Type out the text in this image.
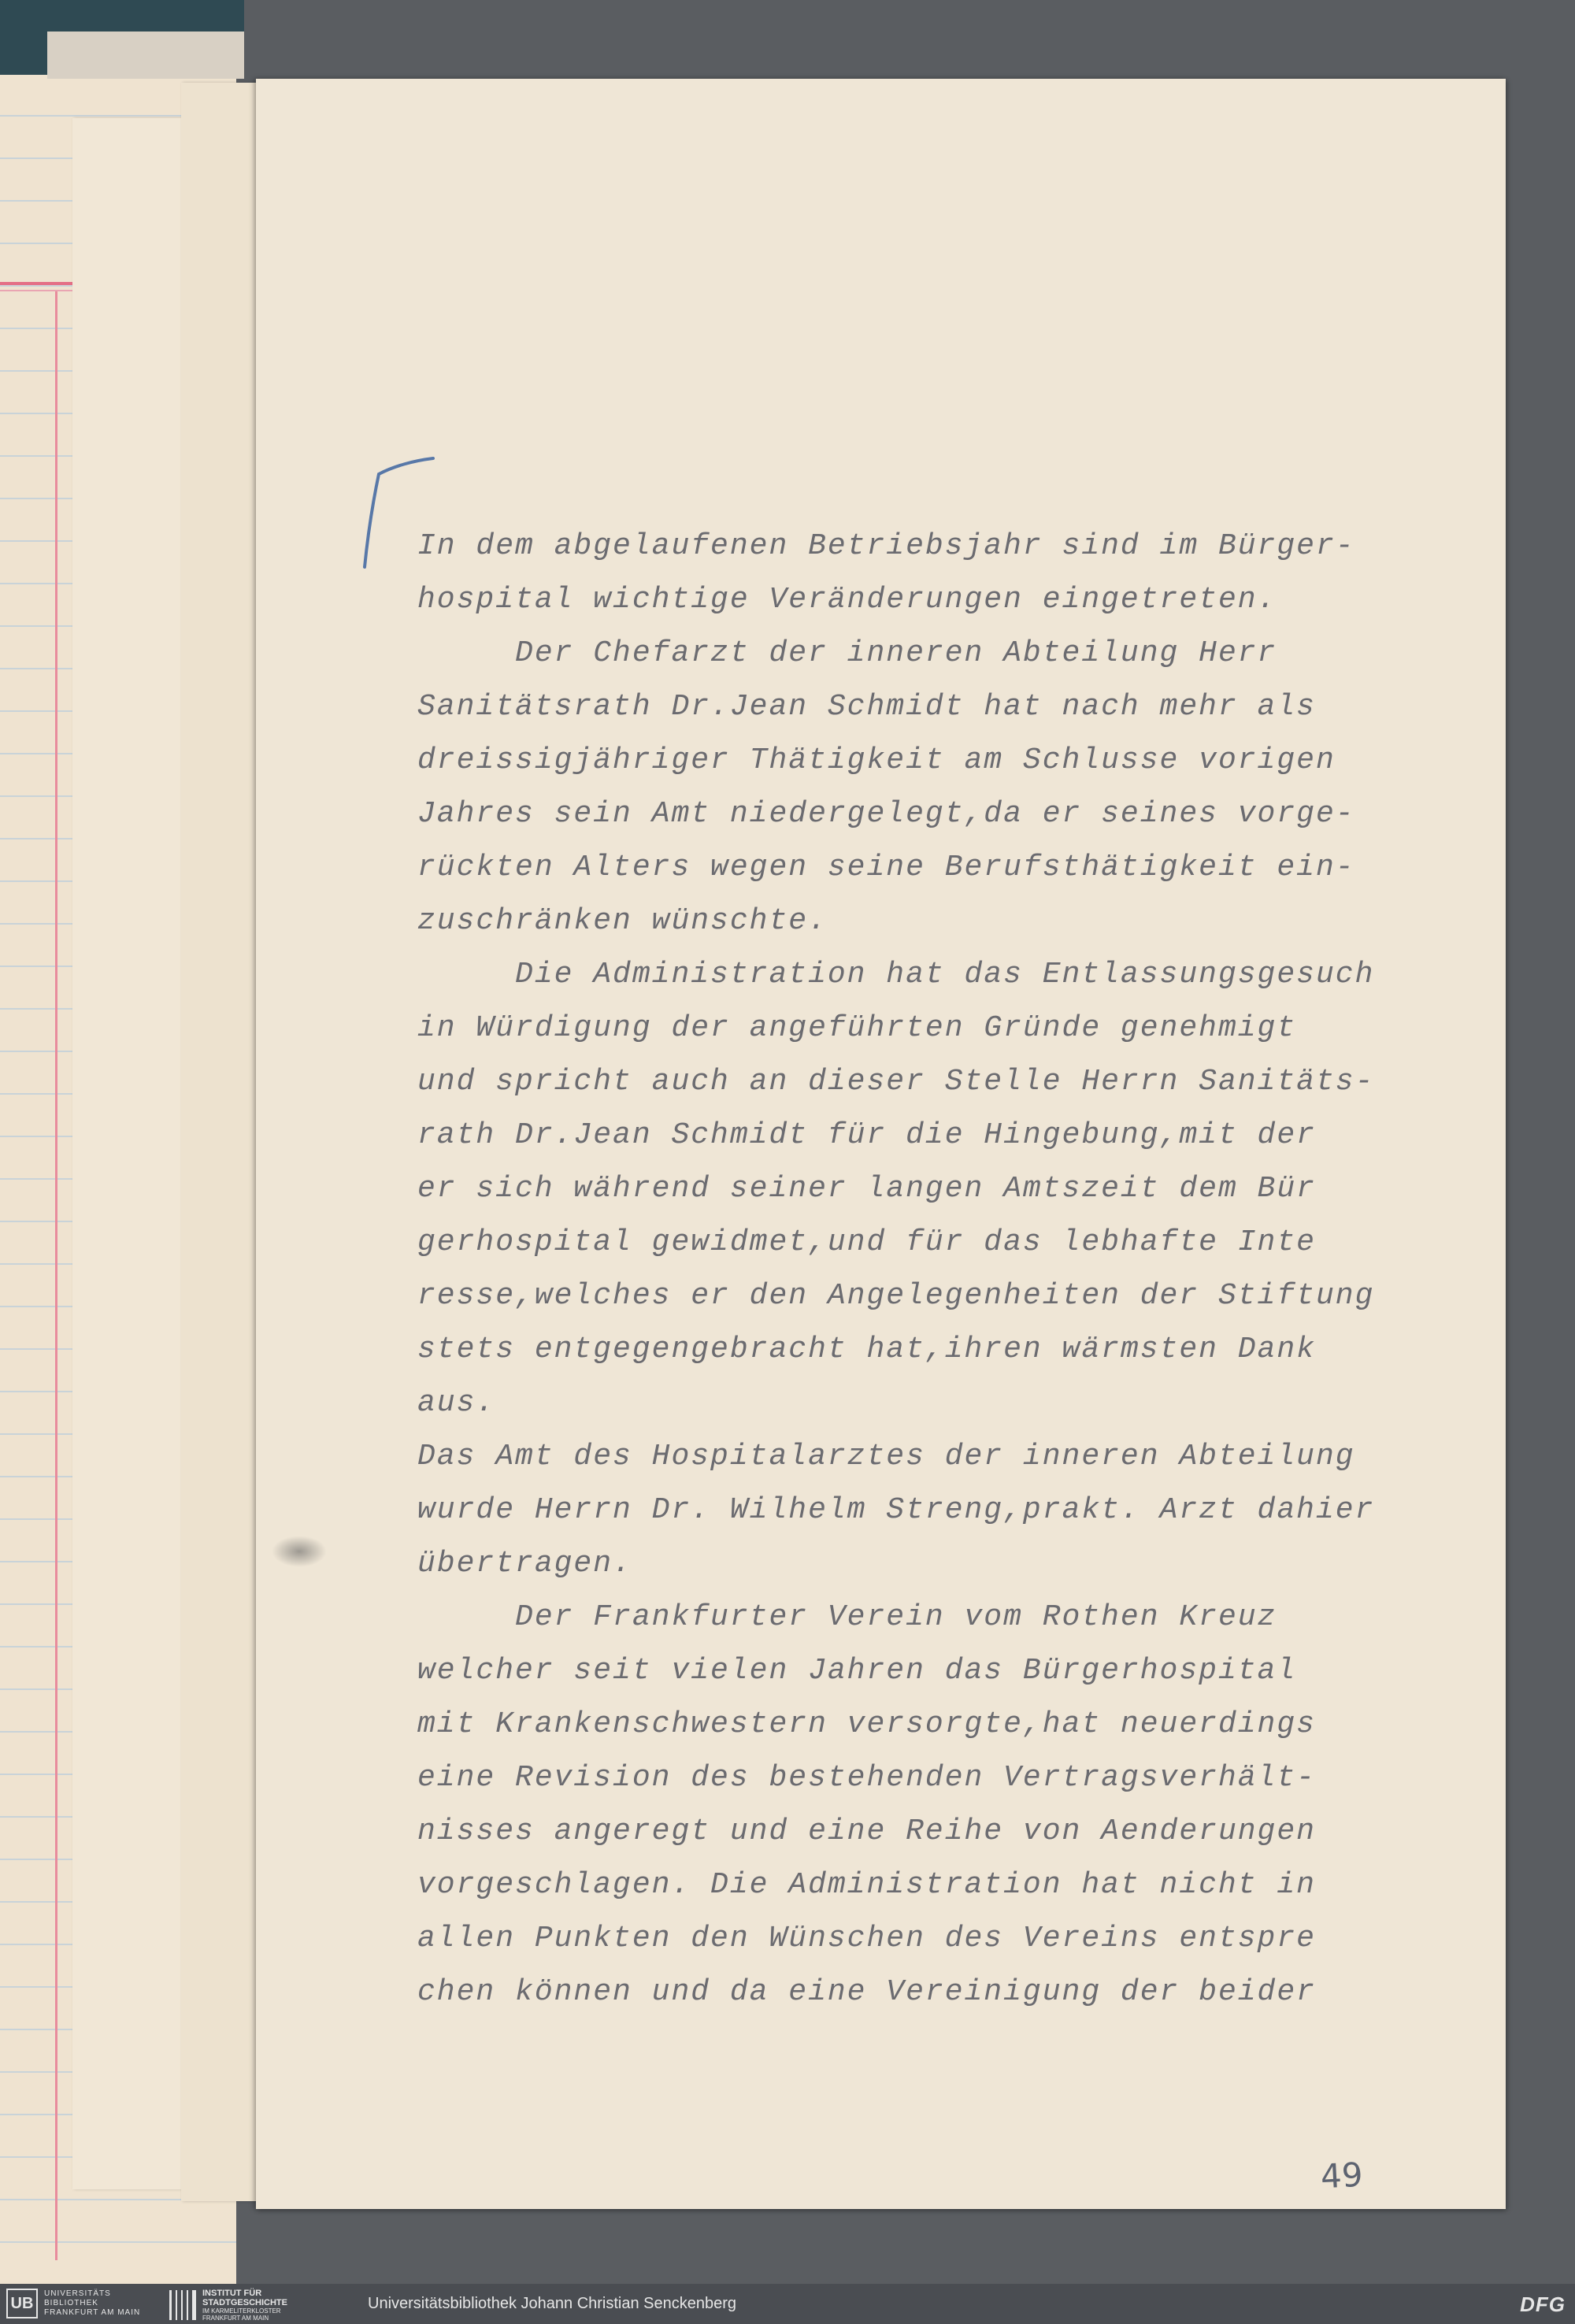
In dem abgelaufenen Betriebsjahr sind im Bürger-
hospital wichtige Veränderungen eingetreten.
Der Chefarzt der inneren Abteilung Herr
Sanitätsrath Dr.Jean Schmidt hat nach mehr als
dreissigjähriger Thätigkeit am Schlusse vorigen
Jahres sein Amt niedergelegt,da er seines vorge-
rückten Alters wegen seine Berufsthätigkeit ein-
zuschränken wünschte.
Die Administration hat das Entlassungsgesuch
in Würdigung der angeführten Gründe genehmigt
und spricht auch an dieser Stelle Herrn Sanitäts-
rath Dr.Jean Schmidt für die Hingebung,mit der
er sich während seiner langen Amtszeit dem Bür
gerhospital gewidmet,und für das lebhafte Inte
resse,welches er den Angelegenheiten der Stiftung
stets entgegengebracht hat,ihren wärmsten Dank
aus.
Das Amt des Hospitalarztes der inneren Abteilung
wurde Herrn Dr. Wilhelm Streng,prakt. Arzt dahier
übertragen.
Der Frankfurter Verein vom Rothen Kreuz
welcher seit vielen Jahren das Bürgerhospital
mit Krankenschwestern versorgte,hat neuerdings
eine Revision des bestehenden Vertragsverhält-
nisses angeregt und eine Reihe von Aenderungen
vorgeschlagen. Die Administration hat nicht in
allen Punkten den Wünschen des Vereins entspre
chen können und da eine Vereinigung der beider
49
UB
UNIVERSITÄTS
BIBLIOTHEK
FRANKFURT AM MAIN
INSTITUT FÜR
STADTGESCHICHTE
IM KARMELITERKLOSTER
FRANKFURT AM MAIN
Universitätsbibliothek Johann Christian Senckenberg	DFG
